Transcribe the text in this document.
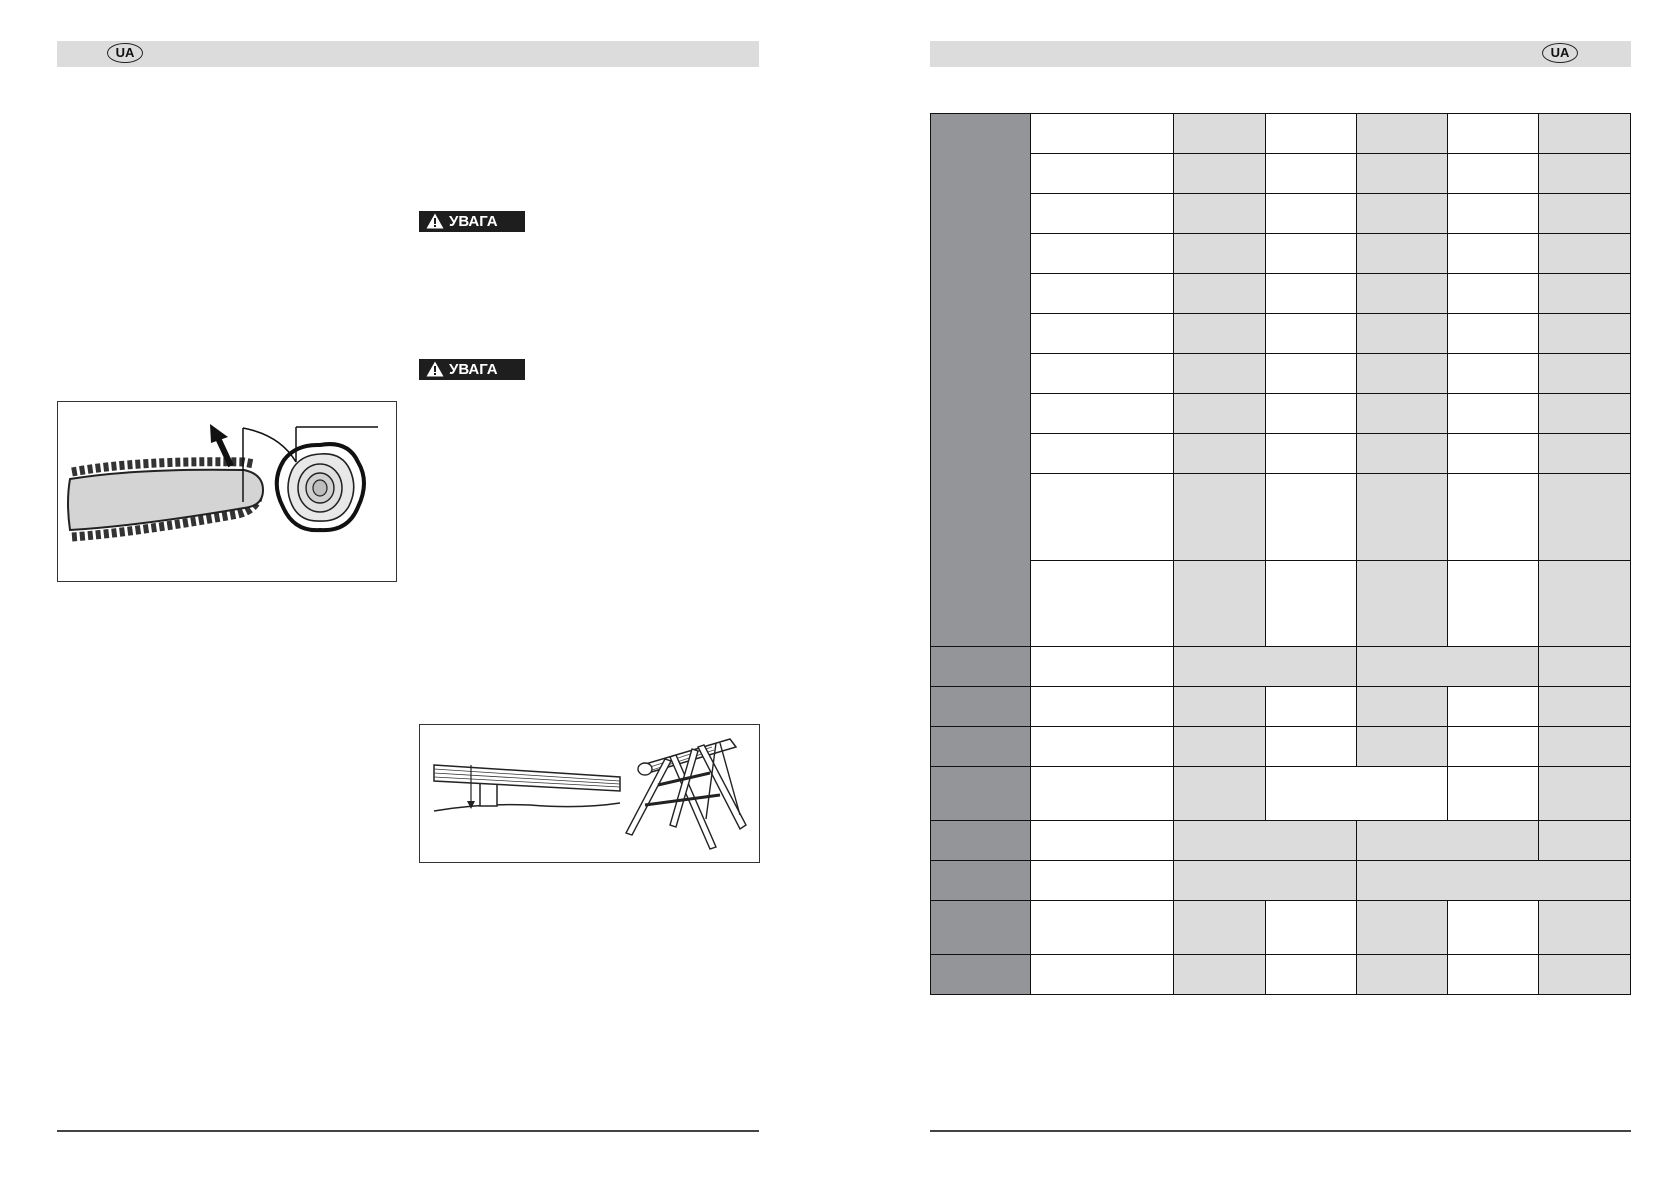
UA
УВАГА
УВАГА
UA
